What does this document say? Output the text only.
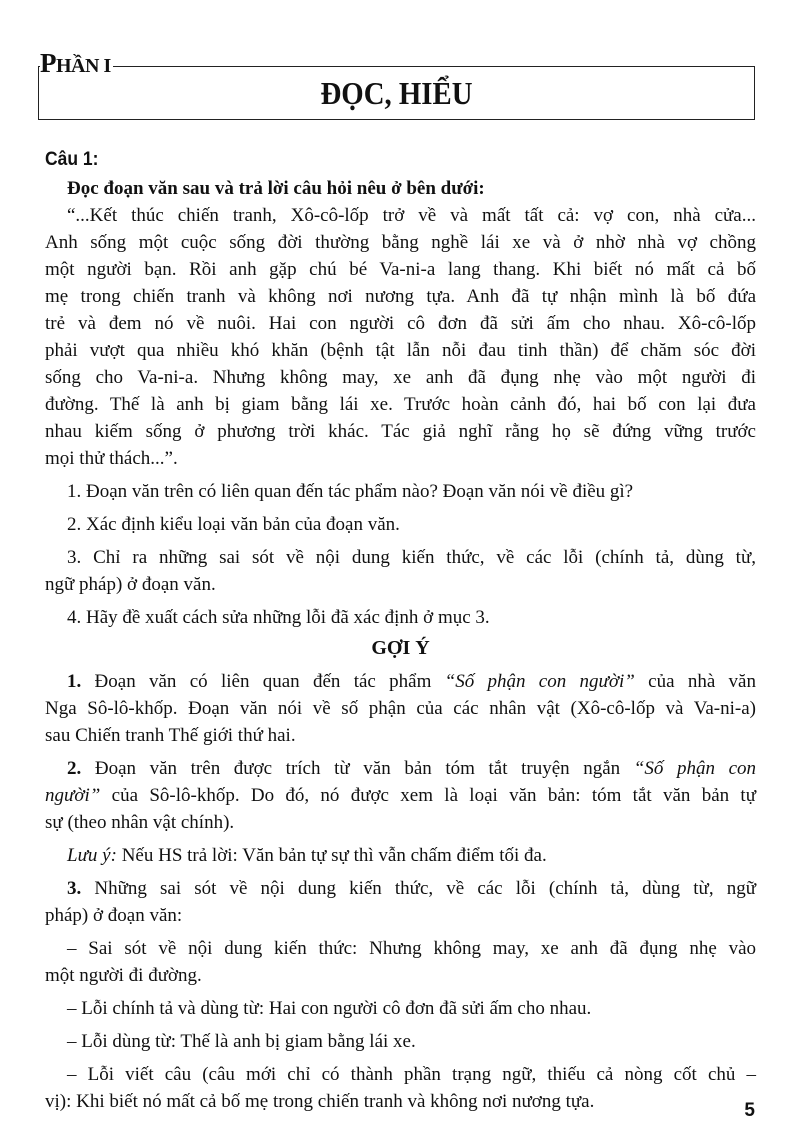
PHẦN I
ĐỌC, HIỂU
Câu 1:
Đọc đoạn văn sau và trả lời câu hỏi nêu ở bên dưới:
“...Kết thúc chiến tranh, Xô-cô-lốp trở về và mất tất cả: vợ con, nhà cửa...
Anh sống một cuộc sống đời thường bằng nghề lái xe và ở nhờ nhà vợ chồng
một người bạn. Rồi anh gặp chú bé Va-ni-a lang thang. Khi biết nó mất cả bố
mẹ trong chiến tranh và không nơi nương tựa. Anh đã tự nhận mình là bố đứa
trẻ và đem nó về nuôi. Hai con người cô đơn đã sửi ấm cho nhau. Xô-cô-lốp
phải vượt qua nhiều khó khăn (bệnh tật lẫn nỗi đau tinh thần) để chăm sóc đời
sống cho Va-ni-a. Nhưng không may, xe anh đã đụng nhẹ vào một người đi
đường. Thế là anh bị giam bằng lái xe. Trước hoàn cảnh đó, hai bố con lại đưa
nhau kiếm sống ở phương trời khác. Tác giả nghĩ rằng họ sẽ đứng vững trước
mọi thử thách...”.
1. Đoạn văn trên có liên quan đến tác phẩm nào? Đoạn văn nói về điều gì?
2. Xác định kiểu loại văn bản của đoạn văn.
3. Chỉ ra những sai sót về nội dung kiến thức, về các lỗi (chính tả, dùng từ,
ngữ pháp) ở đoạn văn.
4. Hãy đề xuất cách sửa những lỗi đã xác định ở mục 3.
GỢI Ý
1. Đoạn văn có liên quan đến tác phẩm “Số phận con người” của nhà văn
Nga Sô-lô-khốp. Đoạn văn nói về số phận của các nhân vật (Xô-cô-lốp và Va-ni-a)
sau Chiến tranh Thế giới thứ hai.
2. Đoạn văn trên được trích từ văn bản tóm tắt truyện ngắn “Số phận con
người” của Sô-lô-khốp. Do đó, nó được xem là loại văn bản: tóm tắt văn bản tự
sự (theo nhân vật chính).
Lưu ý: Nếu HS trả lời: Văn bản tự sự thì vẫn chấm điểm tối đa.
3. Những sai sót về nội dung kiến thức, về các lỗi (chính tả, dùng từ, ngữ
pháp) ở đoạn văn:
– Sai sót về nội dung kiến thức: Nhưng không may, xe anh đã đụng nhẹ vào
một người đi đường.
– Lỗi chính tả và dùng từ: Hai con người cô đơn đã sửi ấm cho nhau.
– Lỗi dùng từ: Thế là anh bị giam bằng lái xe.
– Lỗi viết câu (câu mới chỉ có thành phần trạng ngữ, thiếu cả nòng cốt chủ –
vị): Khi biết nó mất cả bố mẹ trong chiến tranh và không nơi nương tựa.	5
